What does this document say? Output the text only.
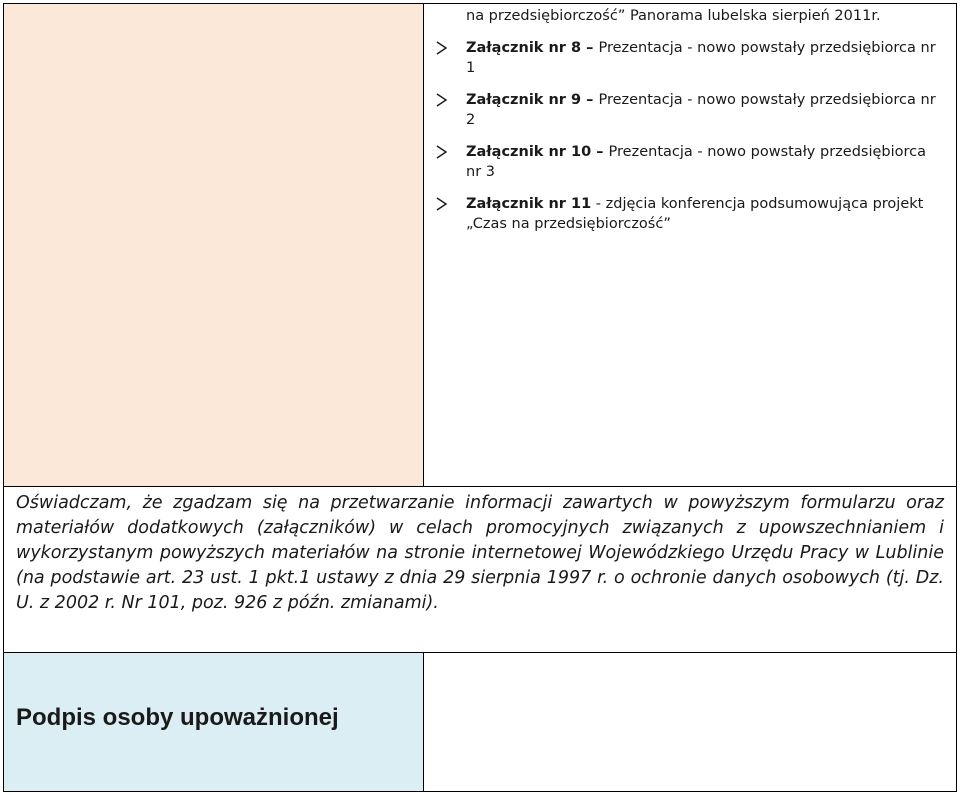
na przedsiębiorczość” Panorama lubelska sierpień 2011r.
Załącznik nr 8 – Prezentacja - nowo powstały przedsiębiorca nr 1
Załącznik nr 9 – Prezentacja - nowo powstały przedsiębiorca nr 2
Załącznik nr 10 – Prezentacja - nowo powstały przedsiębiorca nr 3
Załącznik nr 11 - zdjęcia konferencja podsumowująca projekt „Czas na przedsiębiorczość”

Oświadczam, że zgadzam się na przetwarzanie informacji zawartych w powyższym formularzu oraz materiałów dodatkowych (załączników) w celach promocyjnych związanych z upowszechnianiem i wykorzystanym powyższych materiałów na stronie internetowej Wojewódzkiego Urzędu Pracy w Lublinie (na podstawie art. 23 ust. 1 pkt.1 ustawy z dnia 29 sierpnia 1997 r. o ochronie danych osobowych (tj. Dz. U. z 2002 r. Nr 101, poz. 926 z późn. zmianami).

Podpis osoby upoważnionej
